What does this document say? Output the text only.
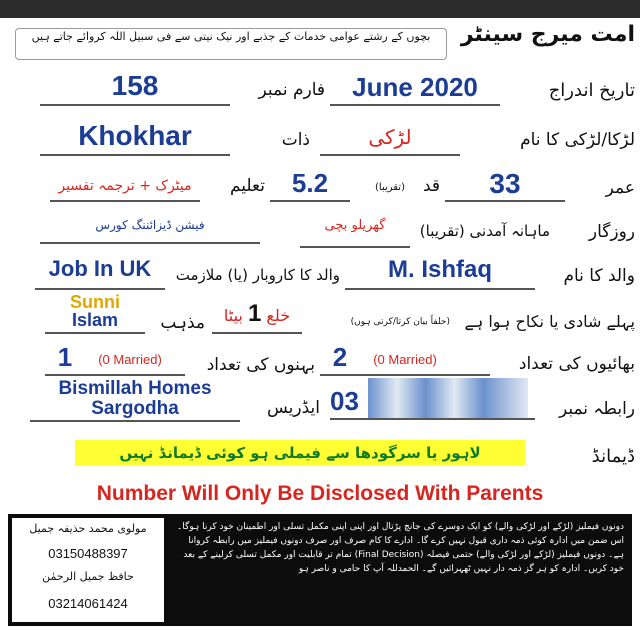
امت میرج سینٹر
بچوں کے رشتے عوامی خدمات کے جذبے اور نیک نیتی سے فی سبیل اللہ کروائے جاتے ہیں
تاریخ اندراج
June 2020
فارم نمبر
158
لڑکا/لڑکی کا نام
لڑکی
ذات
Khokhar
عمر
33
قد
(تقریبا)
5.2
تعلیم
میٹرک + ترجمہ تفسیر
روزگار
ماہانہ آمدنی (تقریبا)
گھریلو بچی
فیشن ڈیزائننگ کورس
والد کا نام
M. Ishfaq
والد کا کاروبار (یا) ملازمت
Job In UK
پہلے شادی یا نکاح ہوا ہے
(حلفاً بیان کرتا/کرتی ہوں)
خلع 1 بیٹا
مذہب
Sunni
Islam
بھائیوں کی تعداد
2	(0 Married)
بہنوں کی تعداد
1	(0 Married)
رابطہ نمبر
03
ایڈریس
Bismillah Homes
Sargodha
ڈیمانڈ
لاہور یا سرگودھا سے فیملی ہو کوئی ڈیمانڈ نہیں
Number Will Only Be Disclosed With Parents
دونوں فیملیز (لڑکے اور لڑکی والے) کو ایک دوسرے کی جانچ پڑتال اور اپنی اپنی مکمل تسلی اور اطمینان خود کرنا ہوگا۔ اس ضمن میں ادارہ کوئی ذمہ داری قبول نہیں کرے گا۔ ادارے کا کام صرف اور صرف دونوں فیملیز میں رابطہ کروانا ہے۔ دونوں فیملیز (لڑکے اور لڑکی والے) حتمی فیصلہ (Final Decision) تمام تر قابلیت اور مکمل تسلی کرلینے کے بعد خود کریں۔ ادارہ کو ہر گز ذمہ دار نہیں ٹھہرائیں گے۔ الحمدللہ آپ کا حامی و ناصر ہو
مولوی محمد حذیفہ جمیل
03150488397
حافظ جمیل الرحمٰن
03214061424
